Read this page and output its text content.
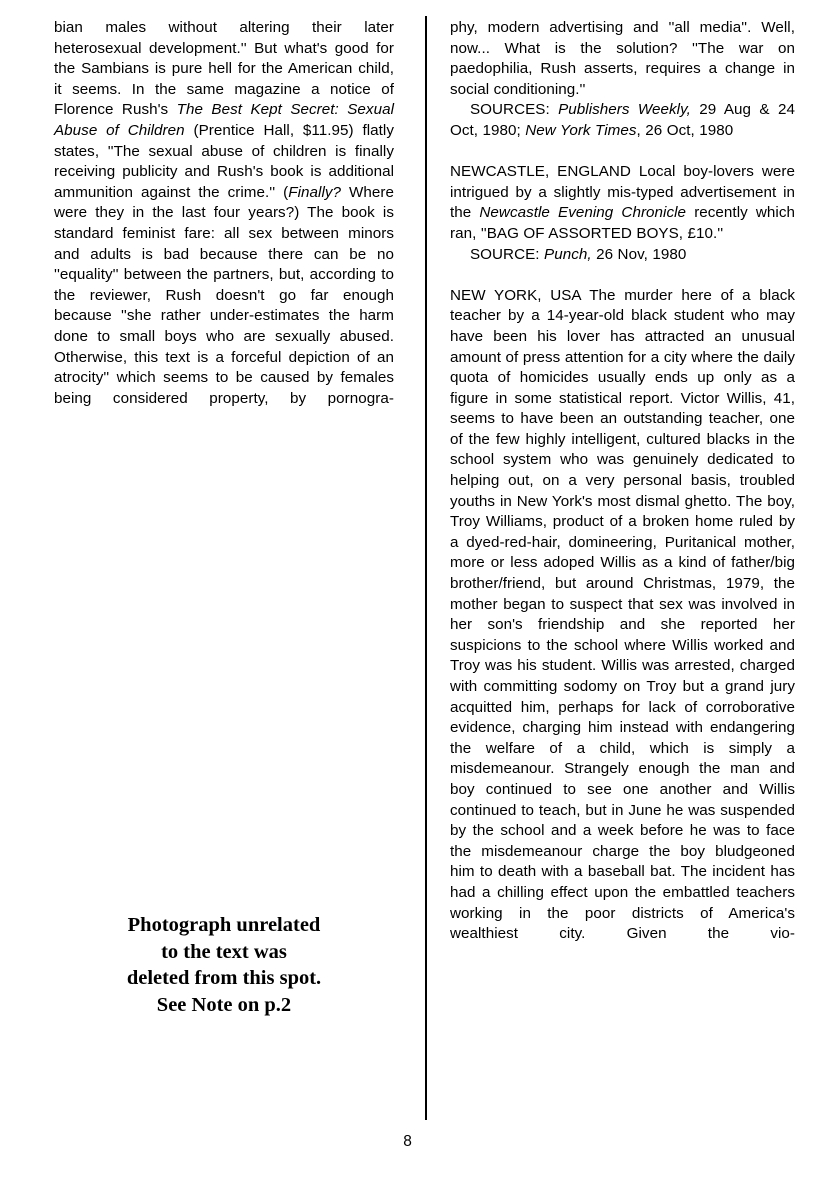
bian males without altering their later heterosexual development.'' But what's good for the Sambians is pure hell for the American child, it seems. In the same magazine a notice of Florence Rush's The Best Kept Secret: Sexual Abuse of Children (Prentice Hall, $11.95) flatly states, ''The sexual abuse of children is finally receiving publicity and Rush's book is additional ammunition against the crime.'' (Finally? Where were they in the last four years?) The book is standard feminist fare: all sex between minors and adults is bad because there can be no ''equality'' between the partners, but, according to the reviewer, Rush doesn't go far enough because ''she rather under-estimates the harm done to small boys who are sexually abused. Otherwise, this text is a forceful depiction of an atrocity'' which seems to be caused by females being considered property, by pornogra-

phy, modern advertising and ''all media''. Well, now... What is the solution? ''The war on paedophilia, Rush asserts, requires a change in social conditioning.''

SOURCES: Publishers Weekly, 29 Aug & 24 Oct, 1980; New York Times, 26 Oct, 1980

NEWCASTLE, ENGLAND Local boy-lovers were intrigued by a slightly mis-typed advertisement in the Newcastle Evening Chronicle recently which ran, ''BAG OF ASSORTED BOYS, £10.''

SOURCE: Punch, 26 Nov, 1980

NEW YORK, USA The murder here of a black teacher by a 14-year-old black student who may have been his lover has attracted an unusual amount of press attention for a city where the daily quota of homicides usually ends up only as a figure in some statistical report. Victor Willis, 41, seems to have been an outstanding teacher, one of the few highly intelligent, cultured blacks in the school system who was genuinely dedicated to helping out, on a very personal basis, troubled youths in New York's most dismal ghetto. The boy, Troy Williams, product of a broken home ruled by a dyed-red-hair, domineering, Puritanical mother, more or less adoped Willis as a kind of father/big brother/friend, but around Christmas, 1979, the mother began to suspect that sex was involved in her son's friendship and she reported her suspicions to the school where Willis worked and Troy was his student. Willis was arrested, charged with committing sodomy on Troy but a grand jury acquitted him, perhaps for lack of corroborative evidence, charging him instead with endangering the welfare of a child, which is simply a misdemeanour. Strangely enough the man and boy continued to see one another and Willis continued to teach, but in June he was suspended by the school and a week before he was to face the misdemeanour charge the boy bludgeoned him to death with a baseball bat. The incident has had a chilling effect upon the embattled teachers working in the poor districts of America's wealthiest city. Given the vio-

Photograph unrelated
to the text was
deleted from this spot.
See Note on p.2
8
